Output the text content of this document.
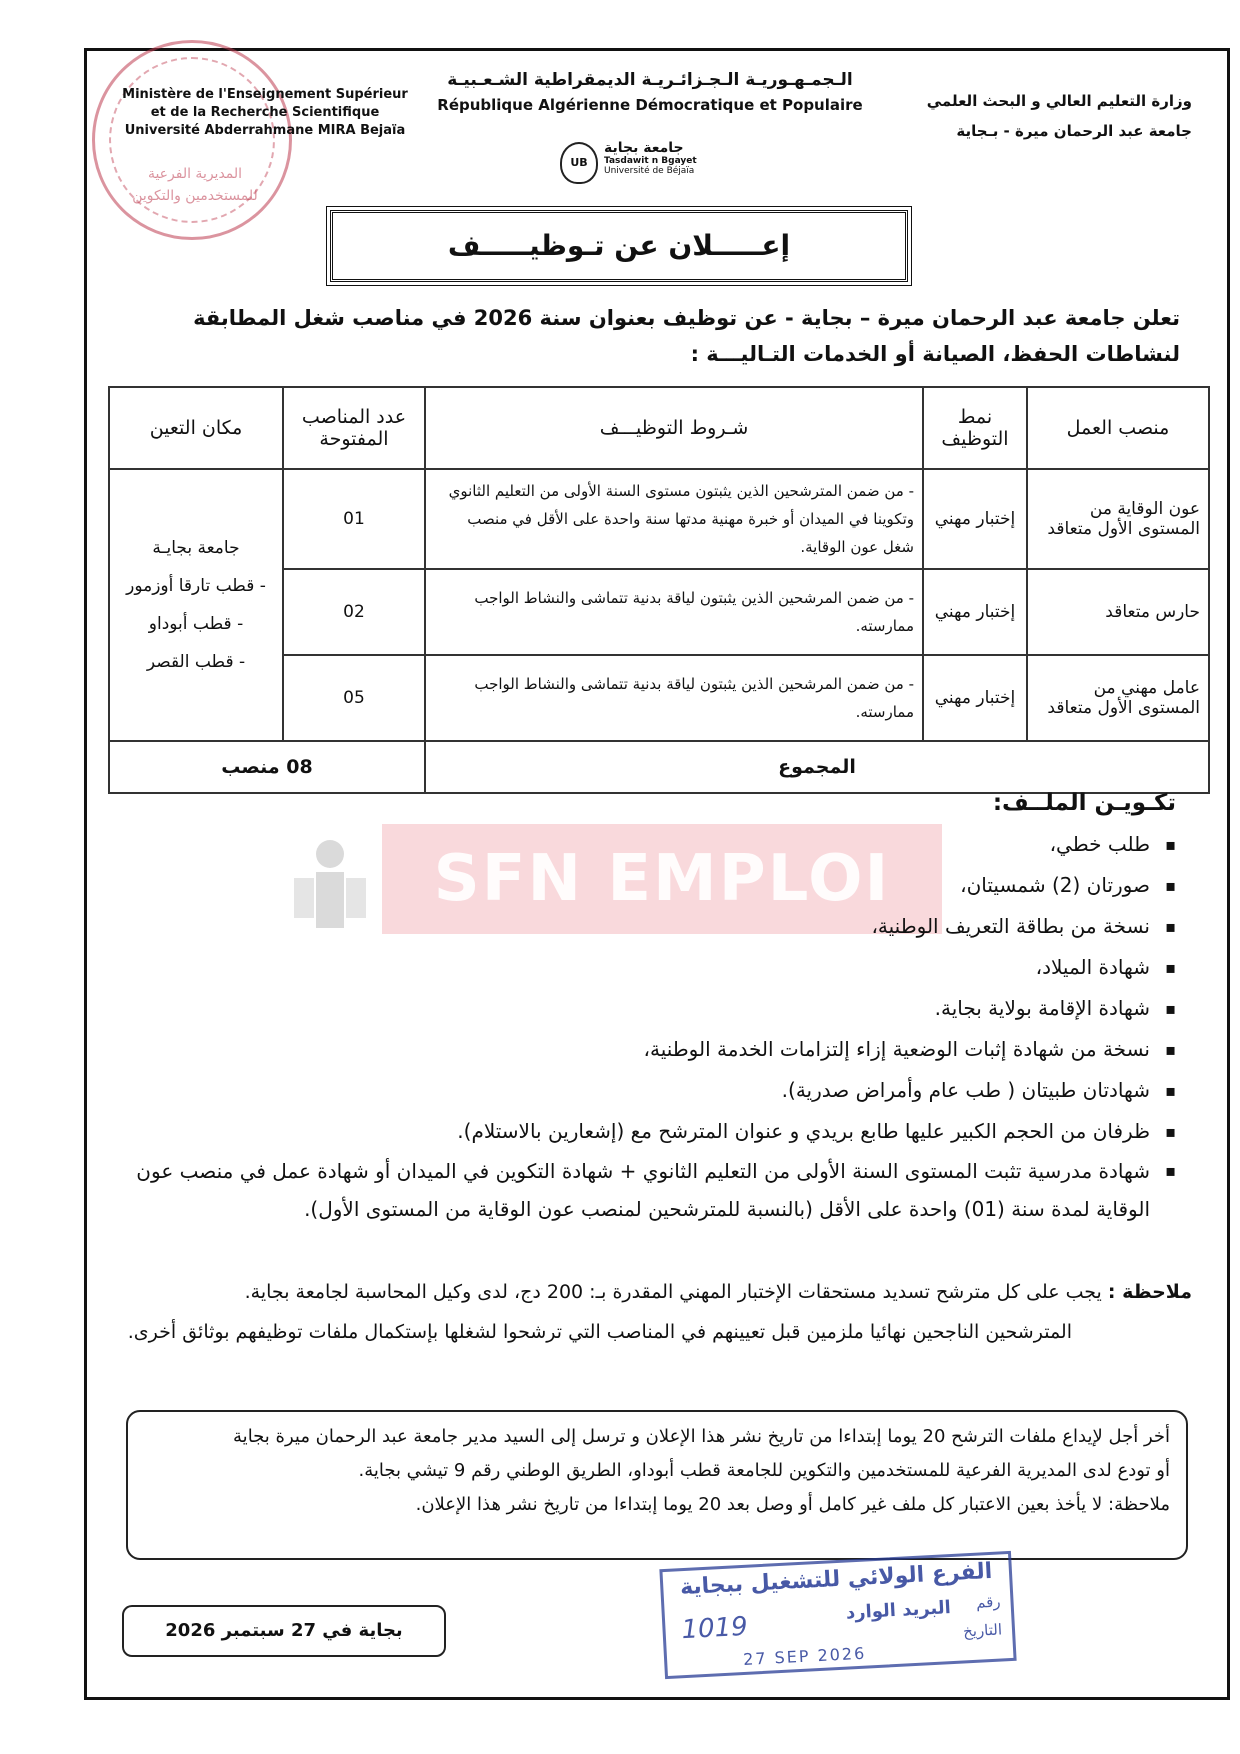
المديرية الفرعية للمستخدمين والتكوين
وزارة التعليم العالي و البحث العلمي
جامعة عبد الرحمان ميرة - بـجاية
الـجمـهـوريـة الـجـزائـريـة الديمقراطية الشـعـبيـة
République Algérienne Démocratique et Populaire
UB
جامعة بجاية
Tasdawit n Bgayet
Université de Béjaïa
Ministère de l'Enseignement Supérieur
et de la Recherche Scientifique
Université Abderrahmane MIRA Bejaïa
إعـــــلان عن تـوظيـــــف
تعلن جامعة عبد الرحمان ميرة – بجاية - عن توظيف بعنوان سنة 2026 في مناصب شغل المطابقة لنشاطات الحفظ، الصيانة أو الخدمات التـاليـــة :
منصب العمل	نمط التوظيف	شـروط التوظيـــف	عدد المناصب المفتوحة	مكان التعين
عون الوقاية من المستوى الأول متعاقد	إختبار مهني	- من ضمن المترشحين الذين يثبتون مستوى السنة الأولى من التعليم الثانوي وتكوينا في الميدان أو خبرة مهنية مدتها سنة واحدة على الأقل في منصب شغل عون الوقاية.	01	جامعة بجايـة
- قطب تارقا أوزمور
- قطب أبوداو
- قطب القصر

حارس متعاقد	إختبار مهني	- من ضمن المرشحين الذين يثبتون لياقة بدنية تتماشى والنشاط الواجب ممارسته.	02	
عامل مهني من المستوى الأول متعاقد	إختبار مهني	- من ضمن المرشحين الذين يثبتون لياقة بدنية تتماشى والنشاط الواجب ممارسته.	05	
المجموع			08 منصب	
تكـويـن الملــف:
SFN EMPLOI	▪ طلب خطي،
▪ صورتان (2) شمسيتان،
▪ نسخة من بطاقة التعريف الوطنية،
▪ شهادة الميلاد،
▪ شهادة الإقامة بولاية بجاية.
▪ نسخة من شهادة إثبات الوضعية إزاء إلتزامات الخدمة الوطنية،
▪ شهادتان طبيتان ( طب عام وأمراض صدرية).
▪ ظرفان من الحجم الكبير عليها طابع بريدي و عنوان المترشح مع (إشعارين بالاستلام).
▪ شهادة مدرسية تثبت المستوى السنة الأولى من التعليم الثانوي + شهادة التكوين في الميدان أو شهادة عمل في منصب عون الوقاية لمدة سنة (01) واحدة على الأقل (بالنسبة للمترشحين لمنصب عون الوقاية من المستوى الأول).
ملاحظة : يجب على كل مترشح تسديد مستحقات الإختبار المهني المقدرة بـ: 200 دج، لدى وكيل المحاسبة لجامعة بجاية.
المترشحين الناجحين نهائيا ملزمين قبل تعيينهم في المناصب التي ترشحوا لشغلها بإستكمال ملفات توظيفهم بوثائق أخرى.
أخر أجل لإيداع ملفات الترشح 20 يوما إبتداءا من تاريخ نشر هذا الإعلان و ترسل إلى السيد مدير جامعة عبد الرحمان ميرة بجاية
أو تودع لدى المديرية الفرعية للمستخدمين والتكوين للجامعة قطب أبوداو، الطريق الوطني رقم 9 تيشي بجاية.
ملاحظة: لا يأخذ بعين الاعتبار كل ملف غير كامل أو وصل بعد 20 يوما إبتداءا من تاريخ نشر هذا الإعلان.
بجاية في 27 سبتمبر 2026
الفرع الولائي للتشغيل ببجاية
البريد الوارد رقم
التاريخ
1019
27 SEP 2026
